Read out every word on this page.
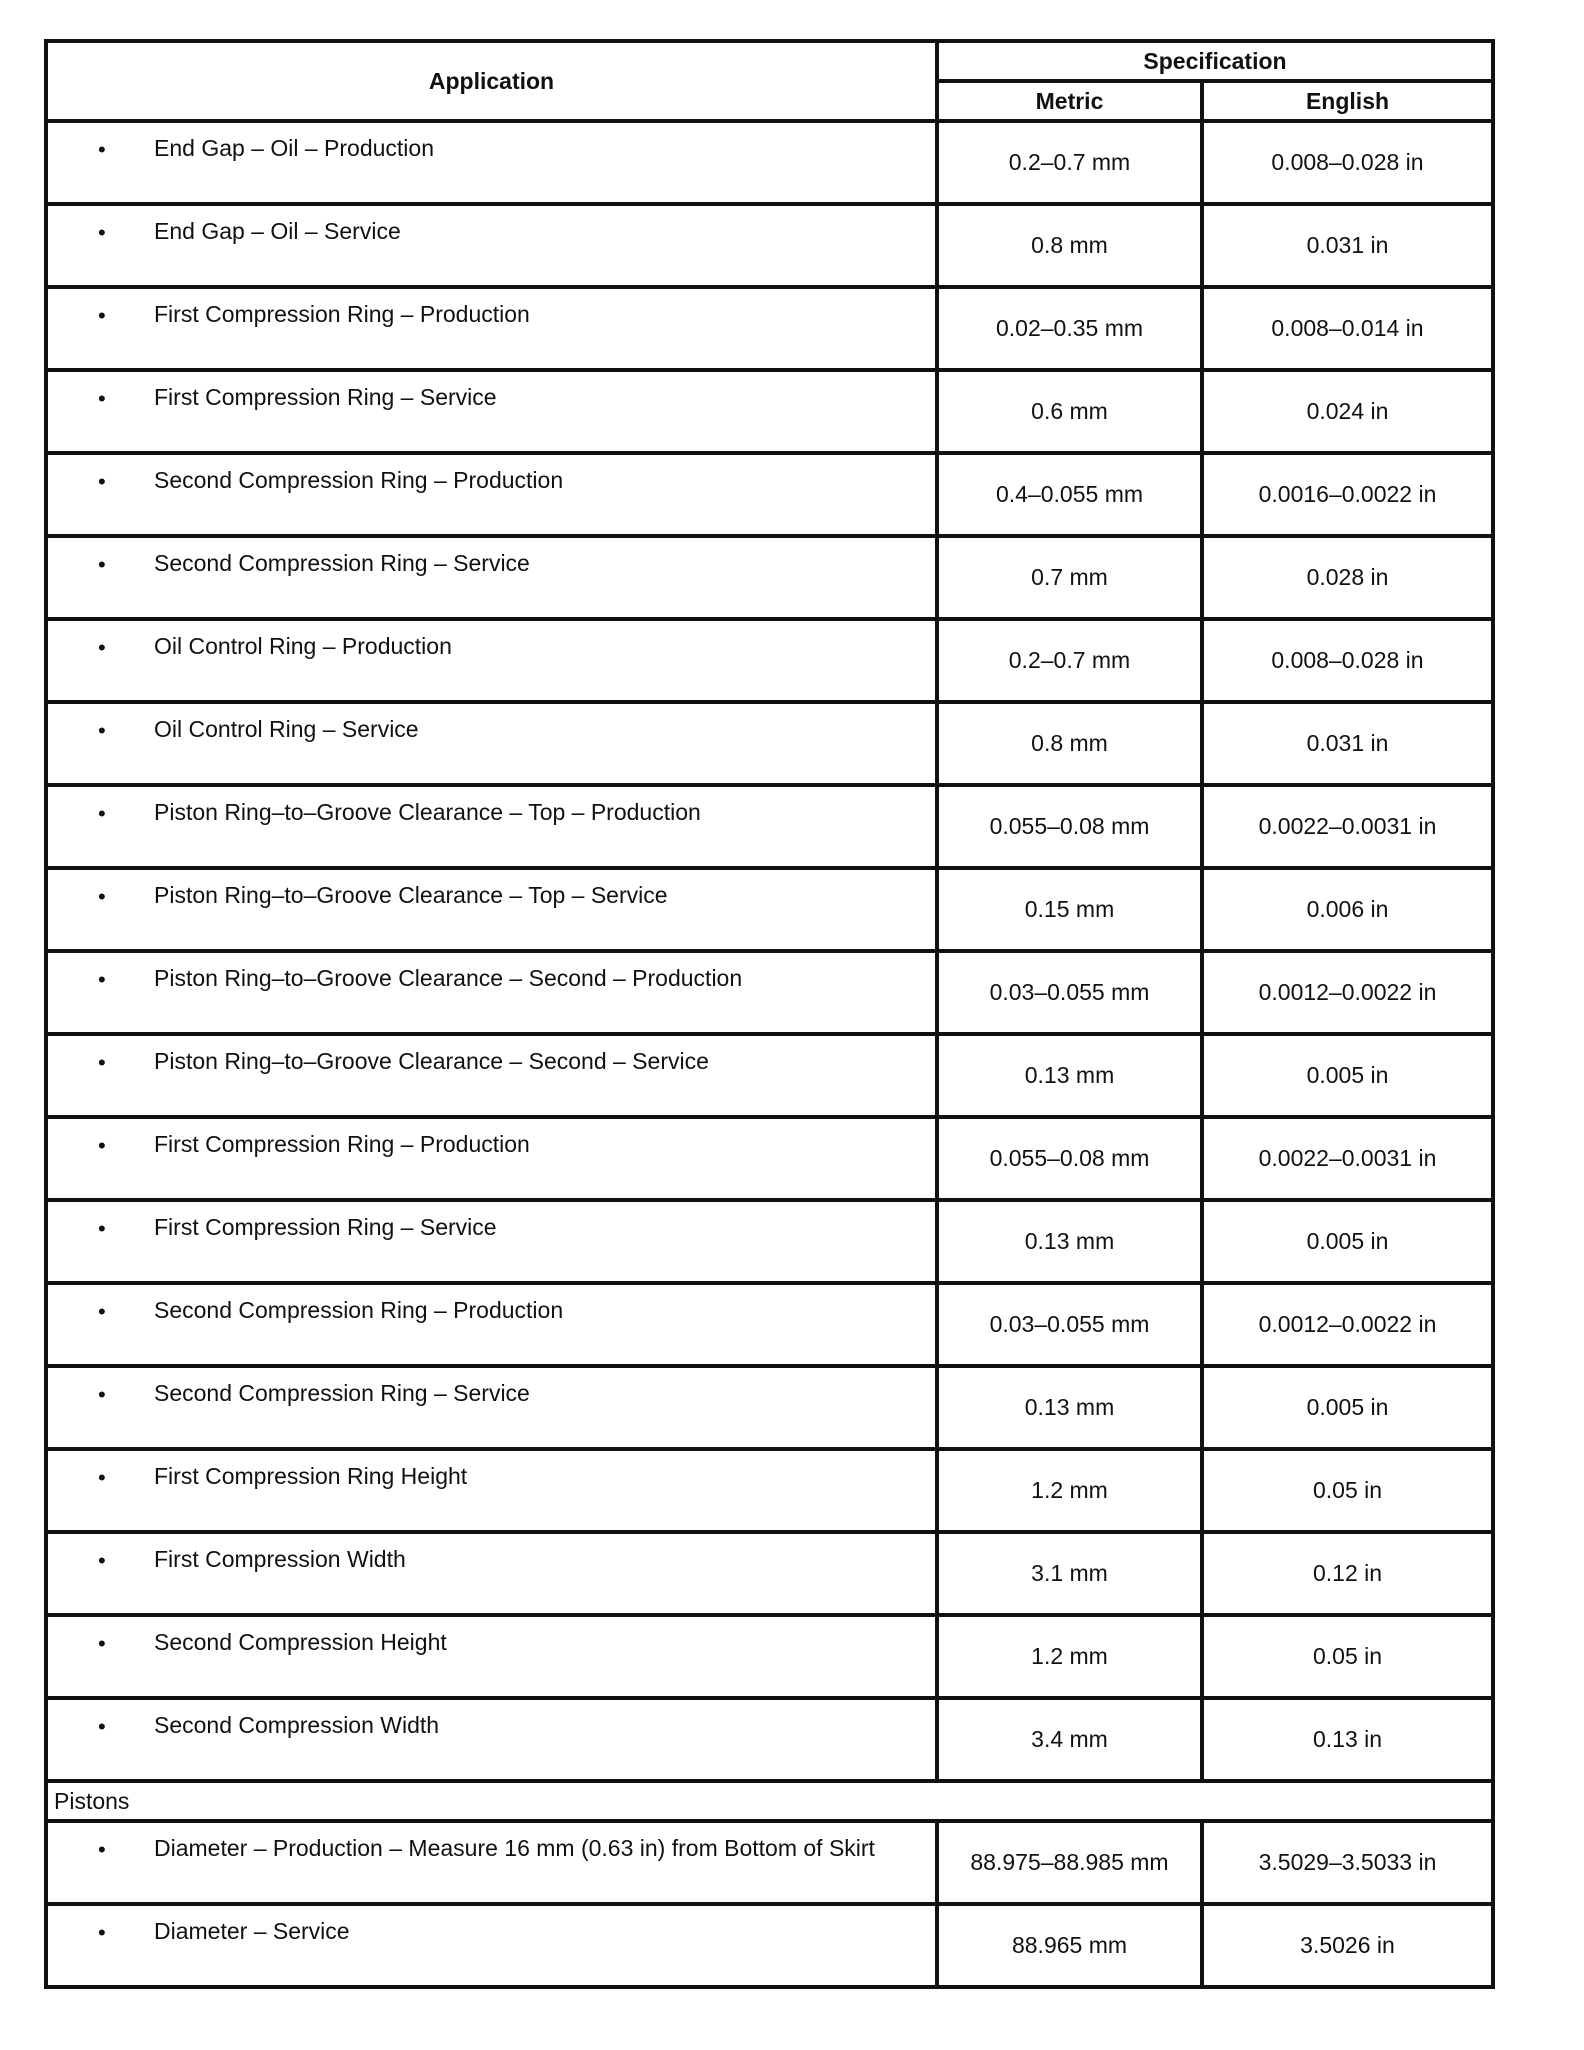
Application	Specification	
	Metric	English

• End Gap – Oil – Production	0.2–0.7 mm	0.008–0.028 in

• End Gap – Oil – Service	0.8 mm	0.031 in

• First Compression Ring – Production	0.02–0.35 mm	0.008–0.014 in

• First Compression Ring – Service	0.6 mm	0.024 in

• Second Compression Ring – Production	0.4–0.055 mm	0.0016–0.0022 in

• Second Compression Ring – Service	0.7 mm	0.028 in

• Oil Control Ring – Production	0.2–0.7 mm	0.008–0.028 in

• Oil Control Ring – Service	0.8 mm	0.031 in

• Piston Ring–to–Groove Clearance – Top – Production	0.055–0.08 mm	0.0022–0.0031 in

• Piston Ring–to–Groove Clearance – Top – Service	0.15 mm	0.006 in

• Piston Ring–to–Groove Clearance – Second – Production	0.03–0.055 mm	0.0012–0.0022 in

• Piston Ring–to–Groove Clearance – Second – Service	0.13 mm	0.005 in

• First Compression Ring – Production	0.055–0.08 mm	0.0022–0.0031 in

• First Compression Ring – Service	0.13 mm	0.005 in

• Second Compression Ring – Production	0.03–0.055 mm	0.0012–0.0022 in

• Second Compression Ring – Service	0.13 mm	0.005 in

• First Compression Ring Height	1.2 mm	0.05 in

• First Compression Width	3.1 mm	0.12 in

• Second Compression Height	1.2 mm	0.05 in

• Second Compression Width	3.4 mm	0.13 in
Pistons		

• Diameter – Production – Measure 16 mm (0.63 in) from Bottom of Skirt	88.975–88.985 mm	3.5029–3.5033 in

• Diameter – Service	88.965 mm	3.5026 in
